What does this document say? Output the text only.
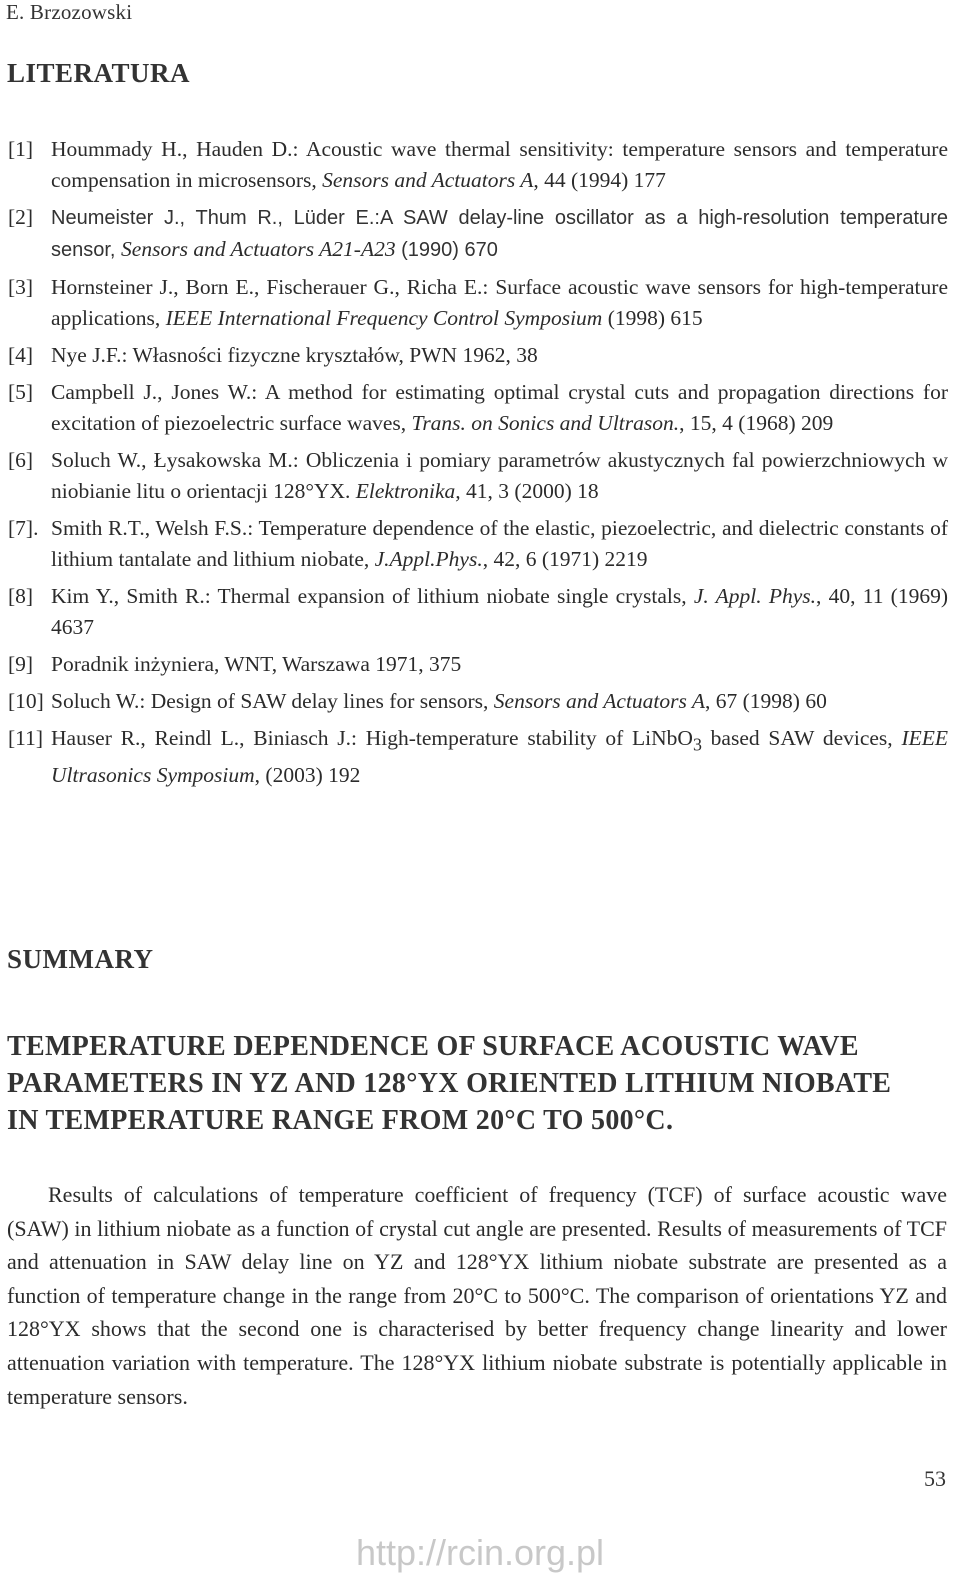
E. Brzozowski
LITERATURA
[1] Hoummady H., Hauden D.: Acoustic wave thermal sensitivity: temperature sensors and temperature compensation in microsensors, Sensors and Actuators A, 44 (1994) 177
[2] Neumeister J., Thum R., Lüder E.:A SAW delay-line oscillator as a high-resolution temperature sensor, Sensors and Actuators A21-A23 (1990) 670
[3] Hornsteiner J., Born E., Fischerauer G., Richa E.: Surface acoustic wave sensors for high-temperature applications, IEEE International Frequency Control Symposium (1998) 615
[4] Nye J.F.: Własności fizyczne kryształów, PWN 1962, 38
[5] Campbell J., Jones W.: A method for estimating optimal crystal cuts and propagation directions for excitation of piezoelectric surface waves, Trans. on Sonics and Ultrason., 15, 4 (1968) 209
[6] Soluch W., Łysakowska M.: Obliczenia i pomiary parametrów akustycznych fal powierzchniowych w niobianie litu o orientacji 128°YX. Elektronika, 41, 3 (2000) 18
[7]. Smith R.T., Welsh F.S.: Temperature dependence of the elastic, piezoelectric, and dielectric constants of lithium tantalate and lithium niobate, J.Appl.Phys., 42, 6 (1971) 2219
[8] Kim Y., Smith R.: Thermal expansion of lithium niobate single crystals, J. Appl. Phys., 40, 11 (1969) 4637
[9] Poradnik inżyniera, WNT, Warszawa 1971, 375
[10] Soluch W.: Design of SAW delay lines for sensors, Sensors and Actuators A, 67 (1998) 60
[11] Hauser R., Reindl L., Biniasch J.: High-temperature stability of LiNbO$_3$ based SAW devices, IEEE Ultrasonics Symposium, (2003) 192
SUMMARY
TEMPERATURE DEPENDENCE OF SURFACE ACOUSTIC WAVE
PARAMETERS IN YZ AND 128°YX ORIENTED LITHIUM NIOBATE
IN TEMPERATURE RANGE FROM 20°C TO 500°C.

Results of calculations of temperature coefficient of frequency (TCF) of surface acoustic wave (SAW) in lithium niobate as a function of crystal cut angle are presented. Results of measurements of TCF and attenuation in SAW delay line on YZ and 128°YX lithium niobate substrate are presented as a function of temperature change in the range from 20°C to 500°C. The comparison of orientations YZ and 128°YX shows that the second one is characterised by better frequency change linearity and lower attenuation variation with temperature. The 128°YX lithium niobate substrate is potentially applicable in temperature sensors.

53
http://rcin.org.pl
